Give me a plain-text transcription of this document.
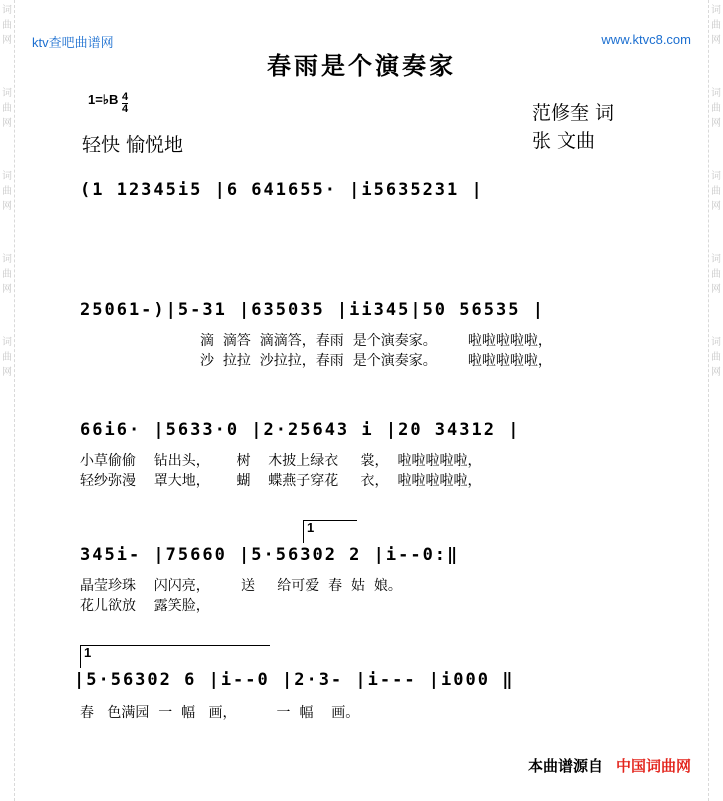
词
曲
网
词
曲
网
词
曲
网
词
曲
网
词
曲
网
词
曲
网
词
曲
网
词
曲
网
词
曲
网
词
曲
网
ktv查吧曲谱网	www.ktvc8.com
春雨是个演奏家
1=♭B $\frac{4}{4}$
轻快 愉悦地
范修奎 词
张 文曲
(1 12345i5 |6 641655· |i5635231 |
25061-)|5-31 |635035 |ii345|50 56535 |
滴  滴答  滴滴答，春雨  是个演奏家。       啦啦啦啦啦，
沙  拉拉  沙拉拉，春雨  是个演奏家。       啦啦啦啦啦，
66i6· |5633·0 |2·25643 i |20 34312 |
小草偷偷    钻出头，      树    木披上绿衣     裳，  啦啦啦啦啦，
轻纱弥漫    罩大地，      蝴    蝶燕子穿花     衣，  啦啦啦啦啦，
1
345i- |75660 |5·56302 2 |i--0:‖
晶莹珍珠    闪闪亮，       送     给可爱  春  姑  娘。
花儿欲放    露笑脸，
1
|5·56302 6 |i--0 |2·3- |i--- |i000 ‖
春   色满园  一  幅   画，         一  幅    画。
本曲谱源自 中国词曲网
